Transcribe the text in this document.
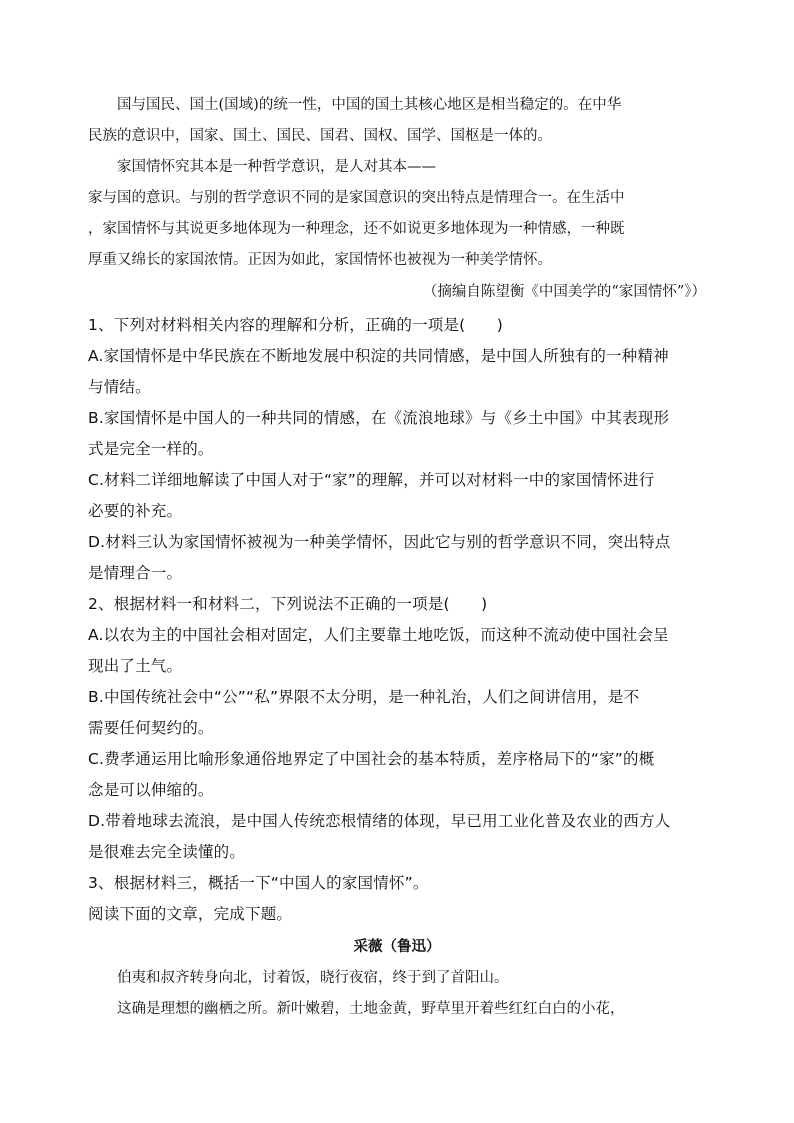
国与国民、国土(国域)的统一性，中国的国土其核心地区是相当稳定的。在中华
民族的意识中，国家、国土、国民、国君、国权、国学、国枢是一体的。
家国情怀究其本是一种哲学意识，是人对其本——
家与国的意识。与别的哲学意识不同的是家国意识的突出特点是情理合一。在生活中
，家国情怀与其说更多地体现为一种理念，还不如说更多地体现为一种情感，一种既
厚重又绵长的家国浓情。正因为如此，家国情怀也被视为一种美学情怀。
（摘编自陈望衡《中国美学的“家国情怀”》）
1、下列对材料相关内容的理解和分析，正确的一项是(　　)
A.家国情怀是中华民族在不断地发展中积淀的共同情感，是中国人所独有的一种精神
与情结。
B.家国情怀是中国人的一种共同的情感，在《流浪地球》与《乡土中国》中其表现形
式是完全一样的。
C.材料二详细地解读了中国人对于“家”的理解，并可以对材料一中的家国情怀进行
必要的补充。
D.材料三认为家国情怀被视为一种美学情怀，因此它与别的哲学意识不同，突出特点
是情理合一。
2、根据材料一和材料二，下列说法不正确的一项是(　　)
A.以农为主的中国社会相对固定，人们主要靠土地吃饭，而这种不流动使中国社会呈
现出了土气。
B.中国传统社会中“公”“私”界限不太分明，是一种礼治，人们之间讲信用，是不
需要任何契约的。
C.费孝通运用比喻形象通俗地界定了中国社会的基本特质，差序格局下的“家”的概
念是可以伸缩的。
D.带着地球去流浪，是中国人传统恋根情绪的体现，早已用工业化普及农业的西方人
是很难去完全读懂的。
3、根据材料三，概括一下“中国人的家国情怀”。
阅读下面的文章，完成下题。
采薇（鲁迅）
伯夷和叔齐转身向北，讨着饭，晓行夜宿，终于到了首阳山。
这确是理想的幽栖之所。新叶嫩碧，土地金黄，野草里开着些红红白白的小花，
